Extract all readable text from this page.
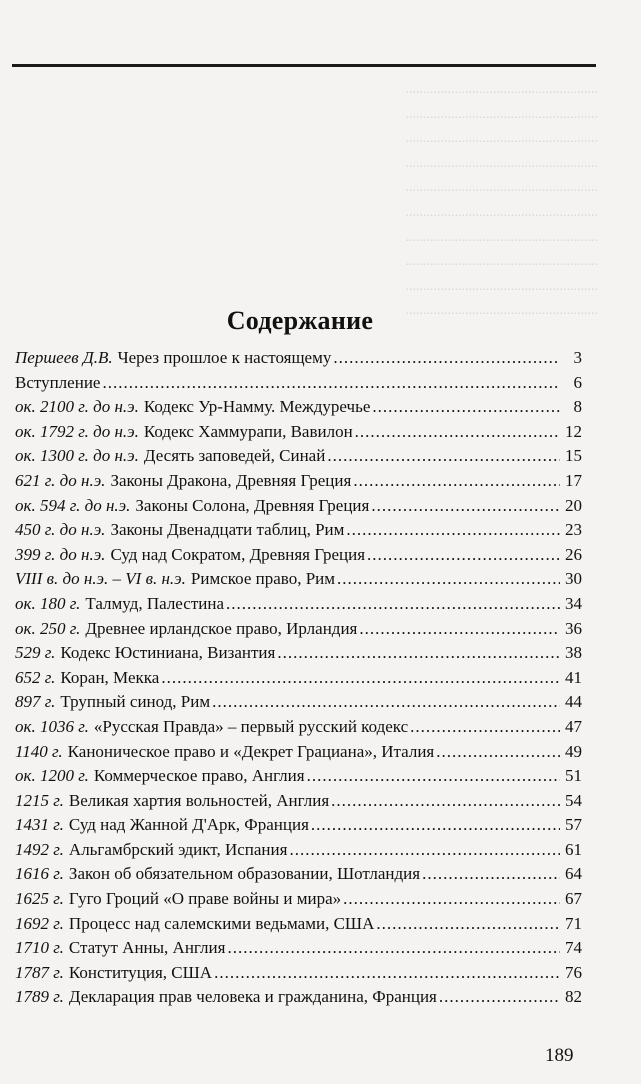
.......................................................
.......................................................
.......................................................
.......................................................
.......................................................
.......................................................
.......................................................
.......................................................
.......................................................
.......................................................
Содержание
Першеев Д.В. Через прошлое к настоящему .....	3
Вступление .....	6
ок. 2100 г. до н.э. Кодекс Ур-Намму. Междуречье .....	8
ок. 1792 г. до н.э. Кодекс Хаммурапи, Вавилон .....	12
ок. 1300 г. до н.э. Десять заповедей, Синай .....	15
621 г. до н.э. Законы Дракона, Древняя Греция .....	17
ок. 594 г. до н.э. Законы Солона, Древняя Греция .....	20
450 г. до н.э. Законы Двенадцати таблиц, Рим .....	23
399 г. до н.э. Суд над Сократом, Древняя Греция .....	26
VIII в. до н.э. – VI в. н.э. Римское право, Рим .....	30
ок. 180 г. Талмуд, Палестина .....	34
ок. 250 г. Древнее ирландское право, Ирландия .....	36
529 г. Кодекс Юстиниана, Византия .....	38
652 г. Коран, Мекка .....	41
897 г. Трупный синод, Рим .....	44
ок. 1036 г. «Русская Правда» – первый русский кодекс .....	47
1140 г. Каноническое право и «Декрет Грациана», Италия .....	49
ок. 1200 г. Коммерческое право, Англия .....	51
1215 г. Великая хартия вольностей, Англия .....	54
1431 г. Суд над Жанной Д'Арк, Франция .....	57
1492 г. Альгамбрский эдикт, Испания .....	61
1616 г. Закон об обязательном образовании, Шотландия .....	64
1625 г. Гуго Гроций «О праве войны и мира» .....	67
1692 г. Процесс над салемскими ведьмами, США .....	71
1710 г. Статут Анны, Англия .....	74
1787 г. Конституция, США .....	76
1789 г. Декларация прав человека и гражданина, Франция .....	82
189
